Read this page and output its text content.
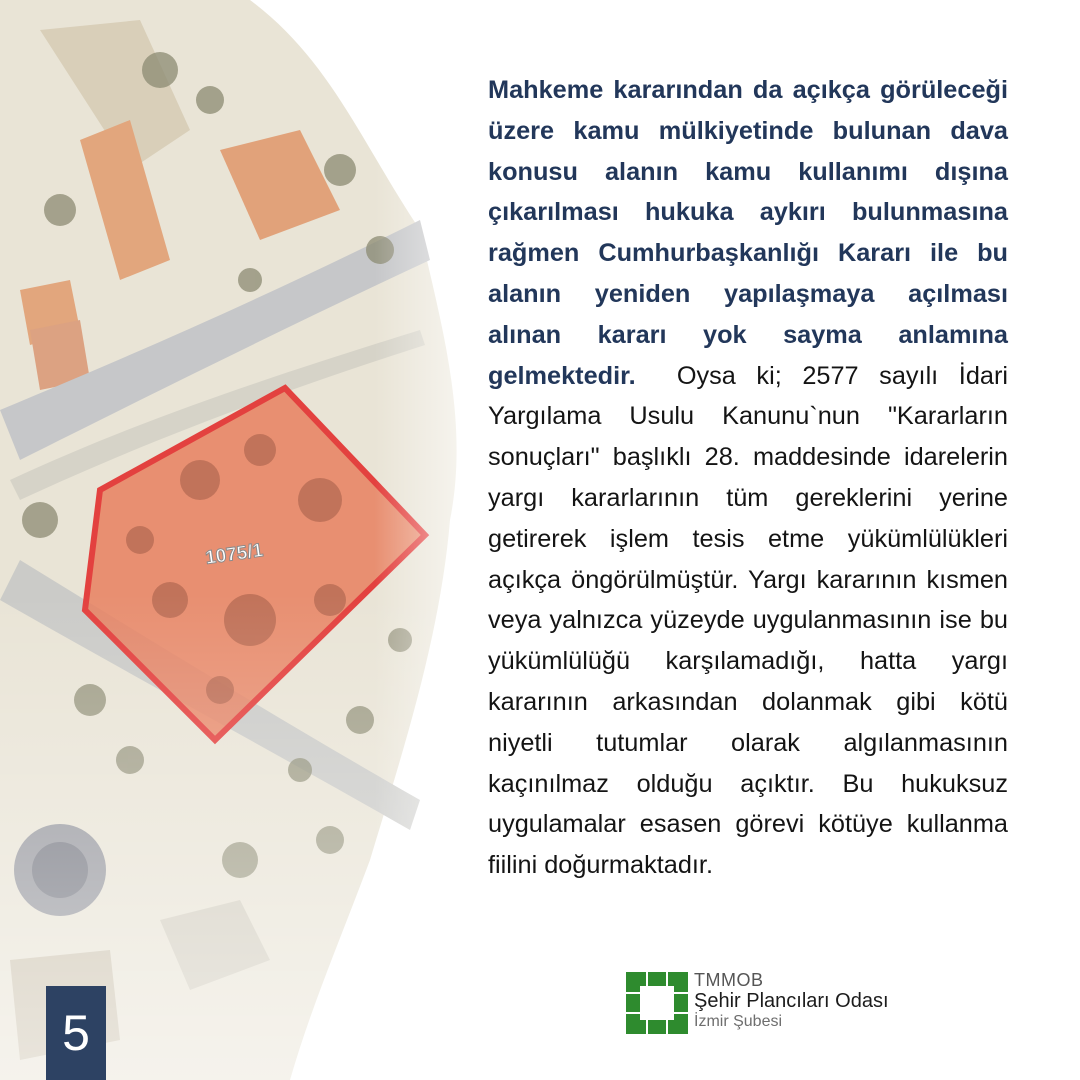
Mahkeme kararından da açıkça görüleceği üzere kamu mülkiyetinde bulunan dava konusu alanın kamu kullanımı dışına çıkarılması hukuka aykırı bulunmasına rağmen Cumhurbaşkanlığı Kararı ile bu alanın yeniden yapılaşmaya açılması alınan kararı yok sayma anlamına gelmektedir. Oysa ki; 2577 sayılı İdari Yargılama Usulu Kanunu`nun "Kararların sonuçları" başlıklı 28. maddesinde idarelerin yargı kararlarının tüm gereklerini yerine getirerek işlem tesis etme yükümlülükleri açıkça öngörülmüştür. Yargı kararının kısmen veya yalnızca yüzeyde uygulanmasının ise bu yükümlülüğü karşılamadığı, hatta yargı kararının arkasından dolanmak gibi kötü niyetli tutumlar olarak algılanmasının kaçınılmaz olduğu açıktır. Bu hukuksuz uygulamalar esasen görevi kötüye kullanma fiilini doğurmaktadır.
5
TMMOB
Şehir Plancıları Odası
İzmir Şubesi
